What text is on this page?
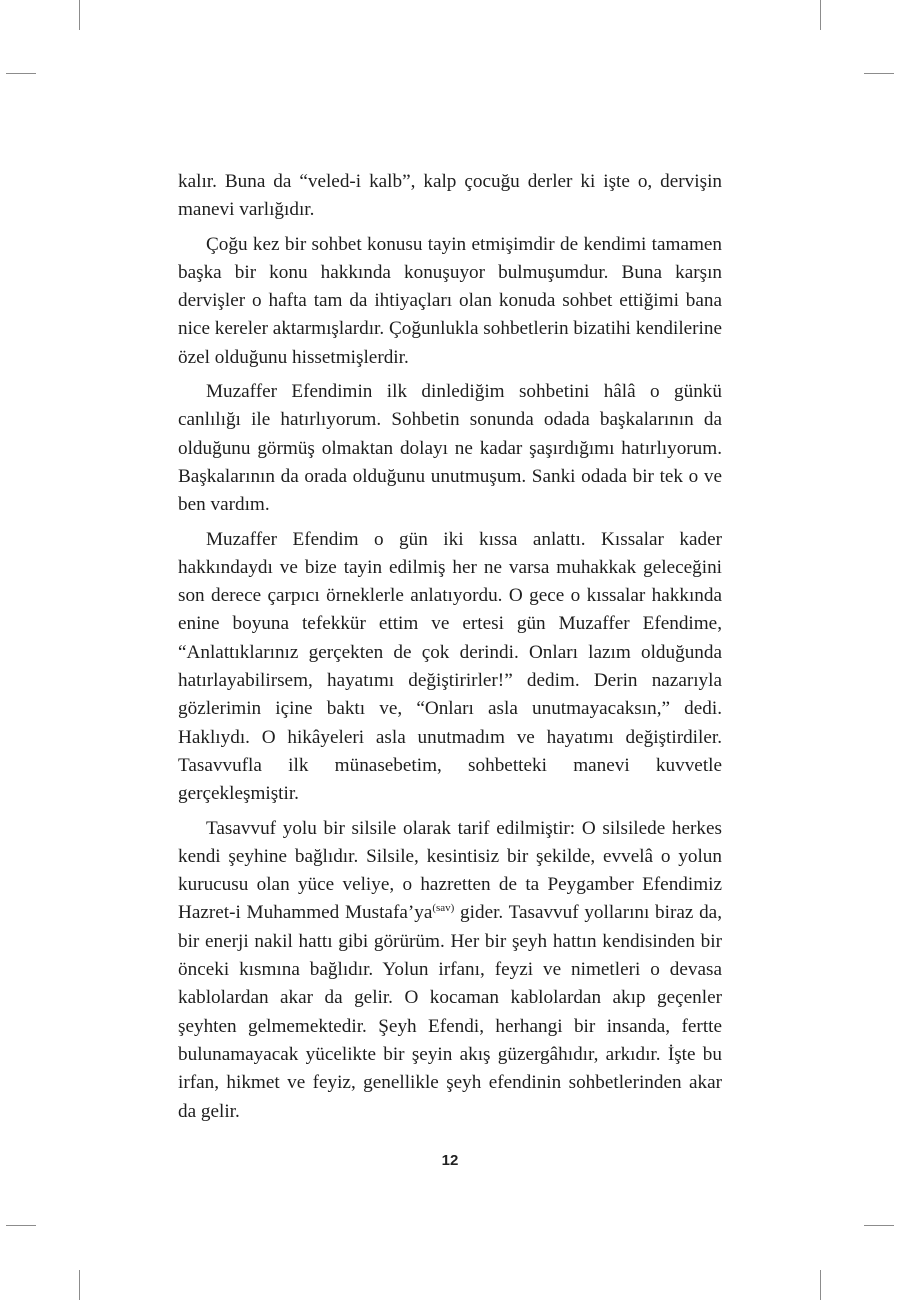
kalır. Buna da “veled-i kalb”, kalp çocuğu derler ki işte o, dervişin manevi varlığıdır.

Çoğu kez bir sohbet konusu tayin etmişimdir de kendimi tamamen başka bir konu hakkında konuşuyor bulmuşumdur. Buna karşın dervişler o hafta tam da ihtiyaçları olan konuda sohbet ettiğimi bana nice kereler aktarmışlardır. Çoğunlukla sohbetlerin bizatihi kendilerine özel olduğunu hissetmişlerdir.

Muzaffer Efendimin ilk dinlediğim sohbetini hâlâ o günkü canlılığı ile hatırlıyorum. Sohbetin sonunda odada başkalarının da olduğunu görmüş olmaktan dolayı ne kadar şaşırdığımı hatırlıyorum. Başkalarının da orada olduğunu unutmuşum. Sanki odada bir tek o ve ben vardım.

Muzaffer Efendim o gün iki kıssa anlattı. Kıssalar kader hakkındaydı ve bize tayin edilmiş her ne varsa muhakkak geleceğini son derece çarpıcı örneklerle anlatıyordu. O gece o kıssalar hakkında enine boyuna tefekkür ettim ve ertesi gün Muzaffer Efendime, “Anlattıklarınız gerçekten de çok derindi. Onları lazım olduğunda hatırlayabilirsem, hayatımı değiştirirler!” dedim. Derin nazarıyla gözlerimin içine baktı ve, “Onları asla unutmayacaksın,” dedi. Haklıydı. O hikâyeleri asla unutmadım ve hayatımı değiştirdiler. Tasavvufla ilk münasebetim, sohbetteki manevi kuvvetle gerçekleşmiştir.

Tasavvuf yolu bir silsile olarak tarif edilmiştir: O silsilede herkes kendi şeyhine bağlıdır. Silsile, kesintisiz bir şekilde, evvelâ o yolun kurucusu olan yüce veliye, o hazretten de ta Peygamber Efendimiz Hazret-i Muhammed $Mustafa’ya^{(sav)}$ gider. Tasavvuf yollarını biraz da, bir enerji nakil hattı gibi görürüm. Her bir şeyh hattın kendisinden bir önceki kısmına bağlıdır. Yolun irfanı, feyzi ve nimetleri o devasa kablolardan akar da gelir. O kocaman kablolardan akıp geçenler şeyhten gelmemektedir. Şeyh Efendi, herhangi bir insanda, fertte bulunamayacak yücelikte bir şeyin akış güzergâhıdır, arkıdır. İşte bu irfan, hikmet ve feyiz, genellikle şeyh efendinin sohbetlerinden akar da gelir.

12
